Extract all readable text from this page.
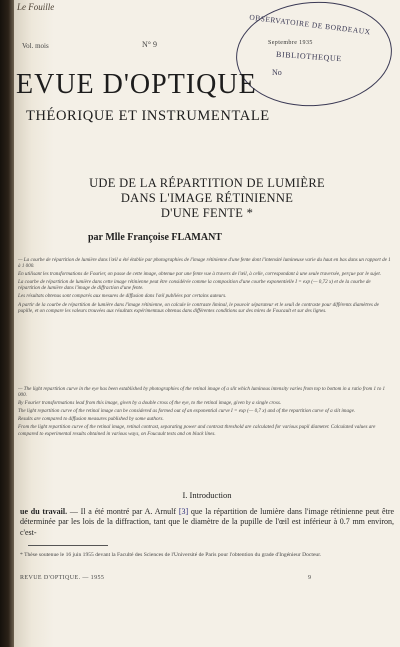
Le Fouille
Vol. mois	N° 9
OBSERVATOIRE DE BORDEAUX
Septembre 1935
BIBLIOTHEQUE
No
EVUE D'OPTIQUE
THÉORIQUE ET INSTRUMENTALE
UDE DE LA RÉPARTITION DE LUMIÈRE
DANS L'IMAGE RÉTINIENNE
D'UNE FENTE *
par Mlle Françoise FLAMANT

— La courbe de répartition de lumière dans l'œil a été établie par photographies de l'image rétinienne d'une fente dont l'intensité lumineuse varie du haut en bas dans un rapport de 1 à 1 000.

En utilisant les transformations de Fourier, on passe de cette image, obtenue par une fente vue à travers de l'œil, à celle, correspondant à une seule traversée, perçue par le sujet.

La courbe de répartition de lumière dans cette image rétinienne peut être considérée comme la composition d'une courbe exponentielle I = exp (— 0,72 x) et de la courbe de répartition de lumière dans l'image de diffraction d'une fente.

Les résultats obtenus sont comparés aux mesures de diffusion dans l'œil publiées par certains auteurs.

A partir de la courbe de répartition de lumière dans l'image rétinienne, on calcule le contraste liminal, le pouvoir séparateur et le seuil de contraste pour différents diamètres de pupille, et on compare les valeurs trouvées aux résultats expérimentaux obtenus dans différentes conditions sur des mires de Foucault et sur des lignes.

— The light repartition curve in the eye has been established by photographies of the retinal image of a slit which luminous intensity varies from top to bottom in a ratio from 1 to 1 000.

By Fourier transformations lead from this image, given by a double cross of the eye, to the retinal image, given by a single cross.

The light repartition curve of the retinal image can be considered as formed out of an exponential curve I = exp (— 0,7 x) and of the repartition curve of a slit image.

Results are compared to diffusion measures published by some authors.

From the light repartition curve of the retinal image, retinal contrast, separating power and contrast threshold are calculated for various pupil diameter. Calculated values are compared to experimental results obtained in various ways, on Foucault tests and on black lines.

I. Introduction
ue du travail. — Il a été montré par A. Arnulf [3] que la répartition de lumière dans l'image rétinienne peut être déterminée par les lois de la diffraction, tant que le diamètre de la pupille de l'œil est inférieur à 0.7 mm environ, c'est-
* Thèse soutenue le 16 juin 1955 devant la Faculté des Sciences de l'Université de Paris pour l'obtention du grade d'Ingénieur Docteur.
REVUE D'OPTIQUE. — 1955	9
